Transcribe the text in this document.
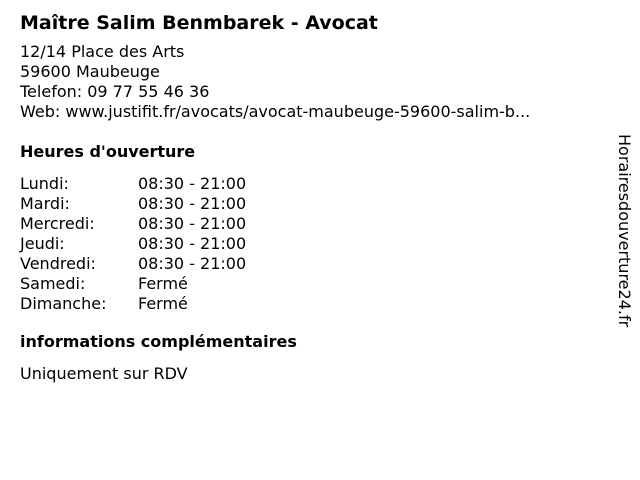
Maître Salim Benmbarek - Avocat
12/14 Place des Arts
59600 Maubeuge
Telefon: 09 77 55 46 36
Web: www.justifit.fr/avocats/avocat-maubeuge-59600-salim-b...
Heures d'ouverture
Lundi:	08:30 - 21:00
Mardi:	08:30 - 21:00
Mercredi:	08:30 - 21:00
Jeudi:	08:30 - 21:00
Vendredi:	08:30 - 21:00
Samedi:	Fermé
Dimanche:	Fermé
informations complémentaires
Uniquement sur RDV
Horairesdouverture24.fr
